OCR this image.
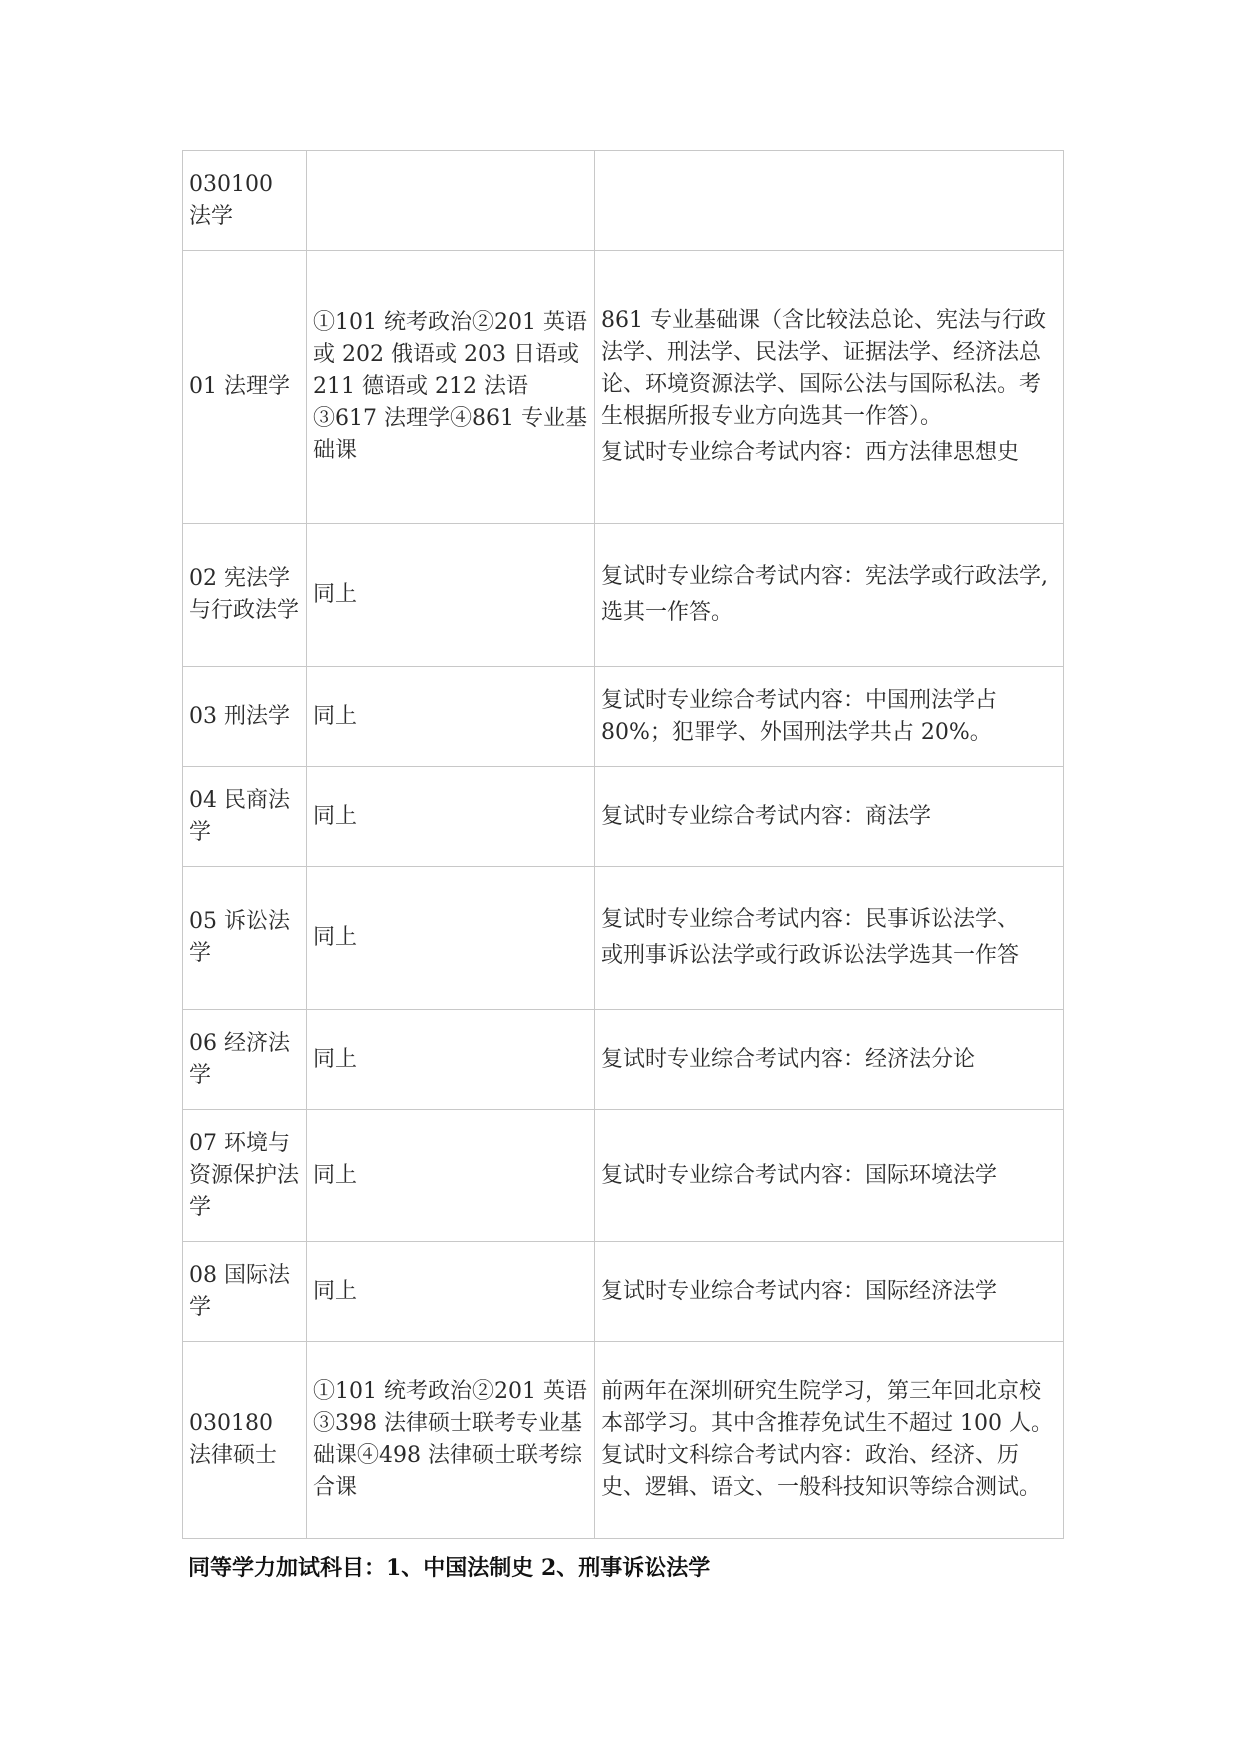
030100 法学		

01 法理学	①101 统考政治②201 英语或 202 俄语或 203 日语或 211 德语或 212 法语③617 法理学④861 专业基础课	861 专业基础课（含比较法总论、宪法与行政法学、刑法学、民法学、证据法学、经济法总论、环境资源法学、国际公法与国际私法。考生根据所报专业方向选其一作答）。
复试时专业综合考试内容：西方法律思想史

02 宪法学与行政法学	同上	复试时专业综合考试内容：宪法学或行政法学,
选其一作答。

03 刑法学	同上	复试时专业综合考试内容：中国刑法学占 80%；犯罪学、外国刑法学共占 20%。

04 民商法学	同上	复试时专业综合考试内容：商法学

05 诉讼法学	同上	复试时专业综合考试内容：民事诉讼法学、
或刑事诉讼法学或行政诉讼法学选其一作答

06 经济法学	同上	复试时专业综合考试内容：经济法分论

07 环境与资源保护法学	同上	复试时专业综合考试内容：国际环境法学

08 国际法学	同上	复试时专业综合考试内容：国际经济法学

030180 法律硕士	①101 统考政治②201 英语③398 法律硕士联考专业基础课④498 法律硕士联考综合课	前两年在深圳研究生院学习，第三年回北京校本部学习。其中含推荐免试生不超过 100 人。复试时文科综合考试内容：政治、经济、历史、逻辑、语文、一般科技知识等综合测试。
同等学力加试科目：1、中国法制史 2、刑事诉讼法学
